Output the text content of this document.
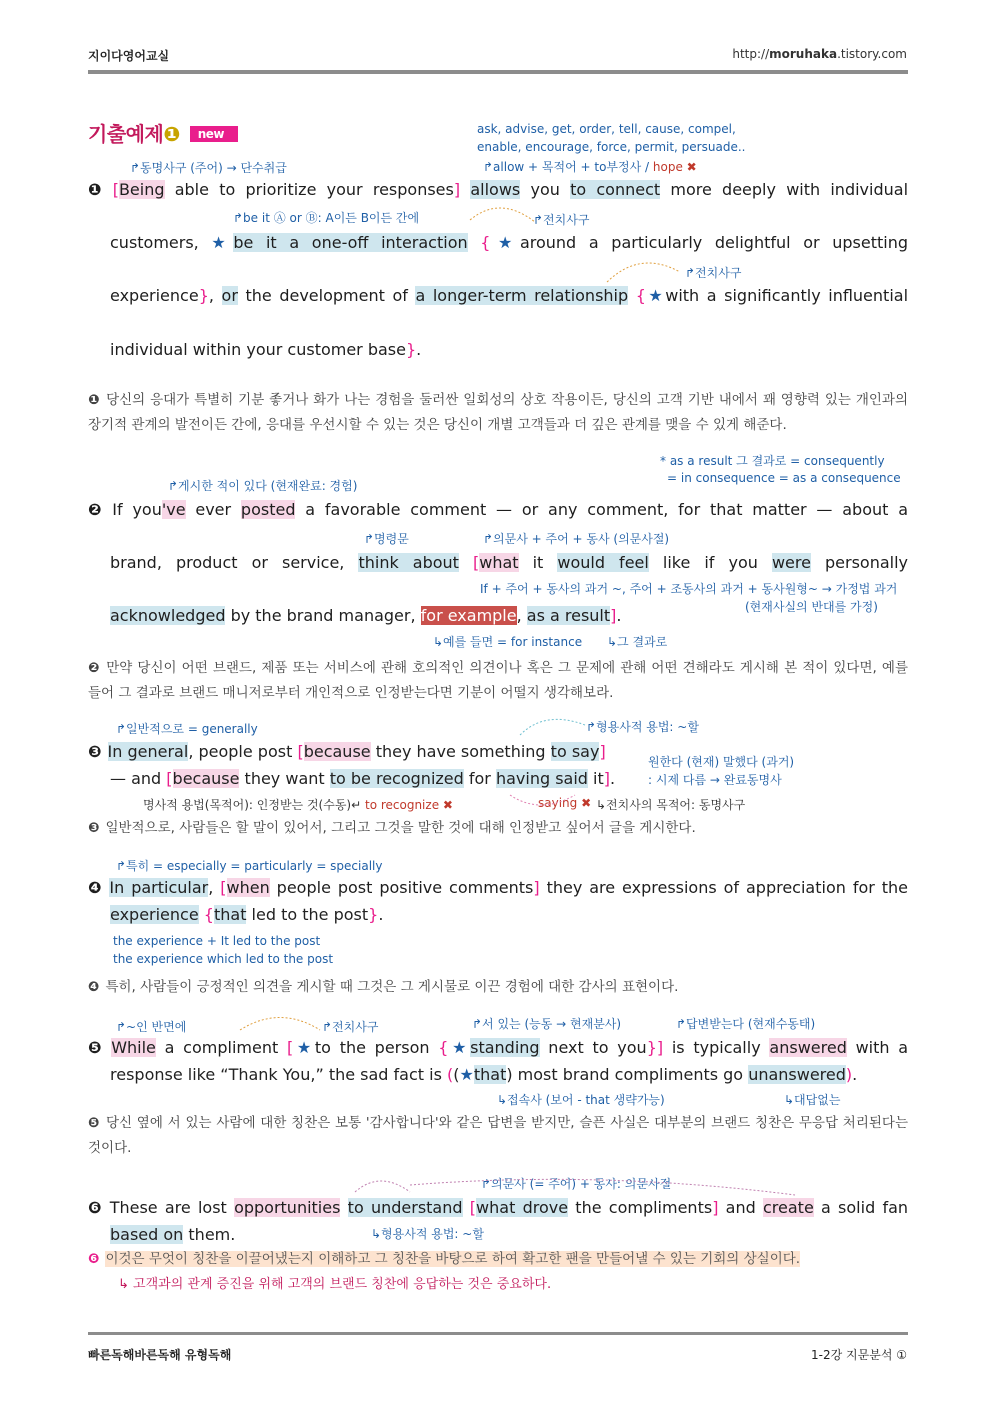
지이다영어교실	http://moruhaka.tistory.com
기출예제❶ new	ask, advise, get, order, tell, cause, compel,
enable, encourage, force, permit, persuade..
↱allow + 목적어 + to부정사 / hope ✖
↱동명사구 (주어) → 단수취급
❶ [Being able to prioritize your responses] allows you to connect more deeply with individual
↱be it Ⓐ or Ⓑ: A이든 B이든 간에	↱전치사구
customers, ★be it a one-off interaction {★around a particularly delightful or upsetting
↱전치사구
experience}, or the development of a longer-term relationship {★with a significantly influential
individual within your customer base}.
❶ 당신의 응대가 특별히 기분 좋거나 화가 나는 경험을 둘러싼 일회성의 상호 작용이든, 당신의 고객 기반 내에서 꽤 영향력 있는 개인과의 장기적 관계의 발전이든 간에, 응대를 우선시할 수 있는 것은 당신이 개별 고객들과 더 깊은 관계를 맺을 수 있게 해준다.
* as a result 그 결과로 = consequently
= in consequence = as a consequence
↱게시한 적이 있다 (현재완료: 경험)
❷ If you've ever posted a favorable comment — or any comment, for that matter — about a
↱명령문	↱의문사 + 주어 + 동사 (의문사절)
brand, product or service, think about [what it would feel like if you were personally
If + 주어 + 동사의 과거 ~, 주어 + 조동사의 과거 + 동사원형~ → 가정법 과거
(현재사실의 반대를 가정)
acknowledged by the brand manager, for example, as a result].
↳예를 들면 = for instance ↳그 결과로
❷ 만약 당신이 어떤 브랜드, 제품 또는 서비스에 관해 호의적인 의견이나 혹은 그 문제에 관해 어떤 견해라도 게시해 본 적이 있다면, 예를 들어 그 결과로 브랜드 매니저로부터 개인적으로 인정받는다면 기분이 어떨지 생각해보라.
↱일반적으로 = generally	↱형용사적 용법: ~할
❸ In general, people post [because they have something to say]
원한다 (현재) 말했다 (과거)
: 시제 다름 → 완료동명사
— and [because they want to be recognized for having said it].
명사적 용법(목적어): 인정받는 것(수동)↵ to recognize ✖	saying ✖ ↳전치사의 목적어: 동명사구
❸ 일반적으로, 사람들은 할 말이 있어서, 그리고 그것을 말한 것에 대해 인정받고 싶어서 글을 게시한다.
↱특히 = especially = particularly = specially
❹ In particular, [when people post positive comments] they are expressions of appreciation for the
experience {that led to the post}.
the experience + It led to the post
the experience which led to the post
❹ 특히, 사람들이 긍정적인 의견을 게시할 때 그것은 그 게시물로 이끈 경험에 대한 감사의 표현이다.
↱~인 반면에	↱전치사구	↱서 있는 (능동 → 현재분사)	↱답변받는다 (현재수동태)
❺ While a compliment [★to the person {★standing next to you}] is typically answered with a
response like “Thank You,” the sad fact is ((★that) most brand compliments go unanswered).
↳접속사 (보어 - that 생략가능)	↳대답없는
❺ 당신 옆에 서 있는 사람에 대한 칭찬은 보통 '감사합니다'와 같은 답변을 받지만, 슬픈 사실은 대부분의 브랜드 칭찬은 무응답 처리된다는 것이다.
↱의문사 (= 주어) + 동사: 의문사절
❻ These are lost opportunities to understand [what drove the compliments] and create a solid fan
based on them.	↳형용사적 용법: ~할
❻ 이것은 무엇이 칭찬을 이끌어냈는지 이해하고 그 칭찬을 바탕으로 하여 확고한 팬을 만들어낼 수 있는 기회의 상실이다.
↳ 고객과의 관계 증진을 위해 고객의 브랜드 칭찬에 응답하는 것은 중요하다.
빠른독해바른독해 유형독해	1-2강 지문분석 ①
